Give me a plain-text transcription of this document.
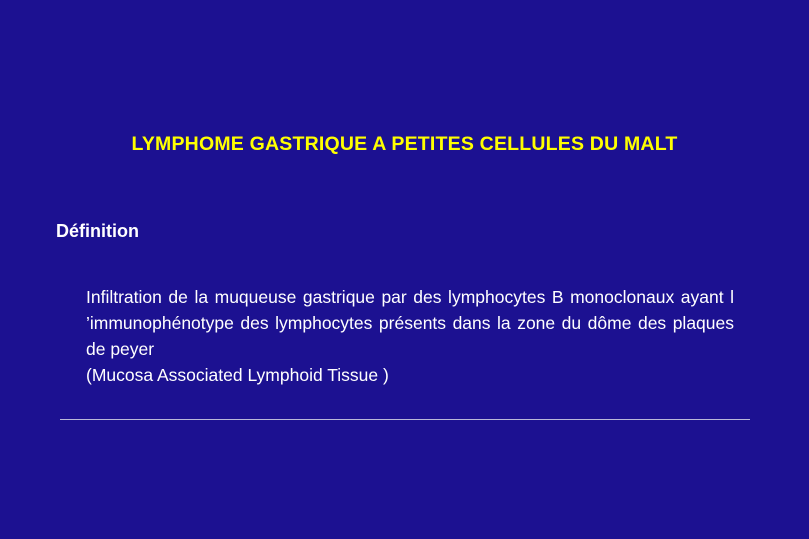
LYMPHOME GASTRIQUE A PETITES CELLULES DU MALT
Définition

Infiltration de la muqueuse gastrique par des lymphocytes B monoclonaux ayant l ’immunophénotype des lymphocytes présents dans la zone du dôme des plaques de peyer

(Mucosa Associated Lymphoid Tissue )
